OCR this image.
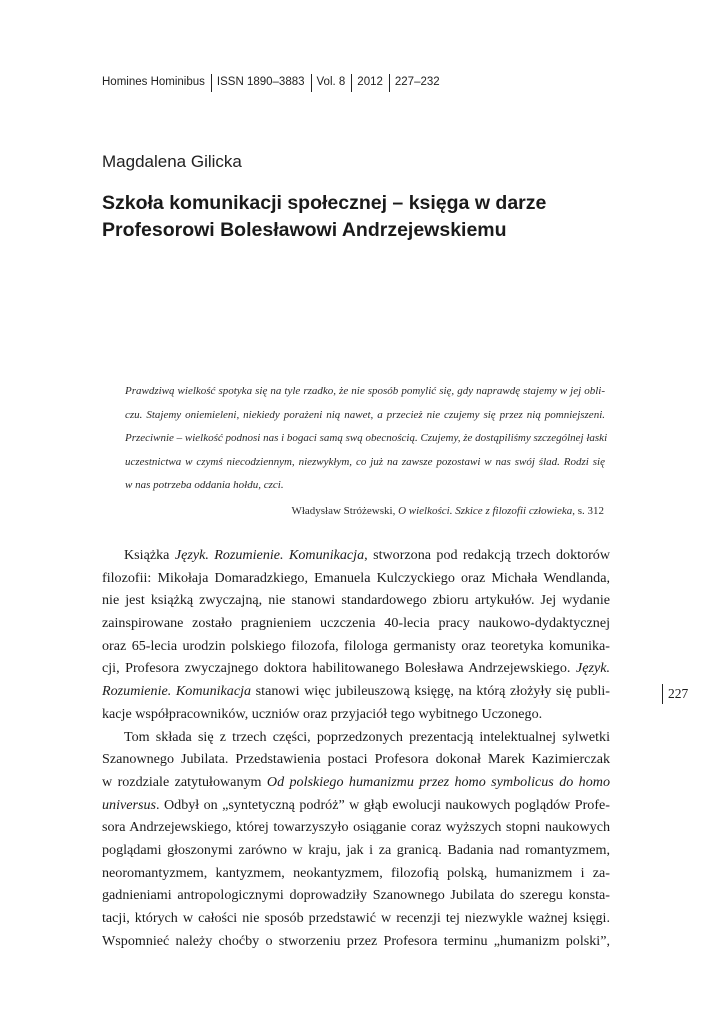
Homines Hominibus ISSN 1890–3883 Vol. 8 2012 227–232
Magdalena Gilicka
Szkoła komunikacji społecznej – księga w darze
Profesorowi Bolesławowi Andrzejewskiemu
Prawdziwą wielkość spotyka się na tyle rzadko, że nie sposób pomylić się, gdy naprawdę stajemy w jej obli-
czu. Stajemy oniemieleni, niekiedy porażeni nią nawet, a przecież nie czujemy się przez nią pomniejszeni.
Przeciwnie – wielkość podnosi nas i bogaci samą swą obecnością. Czujemy, że dostąpiliśmy szczególnej łaski
uczestnictwa w czymś niecodziennym, niezwykłym, co już na zawsze pozostawi w nas swój ślad. Rodzi się
w nas potrzeba oddania hołdu, czci.
Władysław Stróżewski, O wielkości. Szkice z filozofii człowieka, s. 312
Książka Język. Rozumienie. Komunikacja, stworzona pod redakcją trzech doktorów
filozofii: Mikołaja Domaradzkiego, Emanuela Kulczyckiego oraz Michała Wendlanda,
nie jest książką zwyczajną, nie stanowi standardowego zbioru artykułów. Jej wydanie
zainspirowane zostało pragnieniem uczczenia 40-lecia pracy naukowo-dydaktycznej
oraz 65-lecia urodzin polskiego filozofa, filologa germanisty oraz teoretyka komunika-
cji, Profesora zwyczajnego doktora habilitowanego Bolesława Andrzejewskiego. Język.
Rozumienie. Komunikacja stanowi więc jubileuszową księgę, na którą złożyły się publi-
kacje współpracowników, uczniów oraz przyjaciół tego wybitnego Uczonego.
Tom składa się z trzech części, poprzedzonych prezentacją intelektualnej sylwetki
Szanownego Jubilata. Przedstawienia postaci Profesora dokonał Marek Kazimierczak
w rozdziale zatytułowanym Od polskiego humanizmu przez homo symbolicus do homo
universus. Odbył on „syntetyczną podróż” w głąb ewolucji naukowych poglądów Profe-
sora Andrzejewskiego, której towarzyszyło osiąganie coraz wyższych stopni naukowych
poglądami głoszonymi zarówno w kraju, jak i za granicą. Badania nad romantyzmem,
neoromantyzmem, kantyzmem, neokantyzmem, filozofią polską, humanizmem i za-
gadnieniami antropologicznymi doprowadziły Szanownego Jubilata do szeregu konsta-
tacji, których w całości nie sposób przedstawić w recenzji tej niezwykle ważnej księgi.
Wspomnieć należy choćby o stworzeniu przez Profesora terminu „humanizm polski”,
227
